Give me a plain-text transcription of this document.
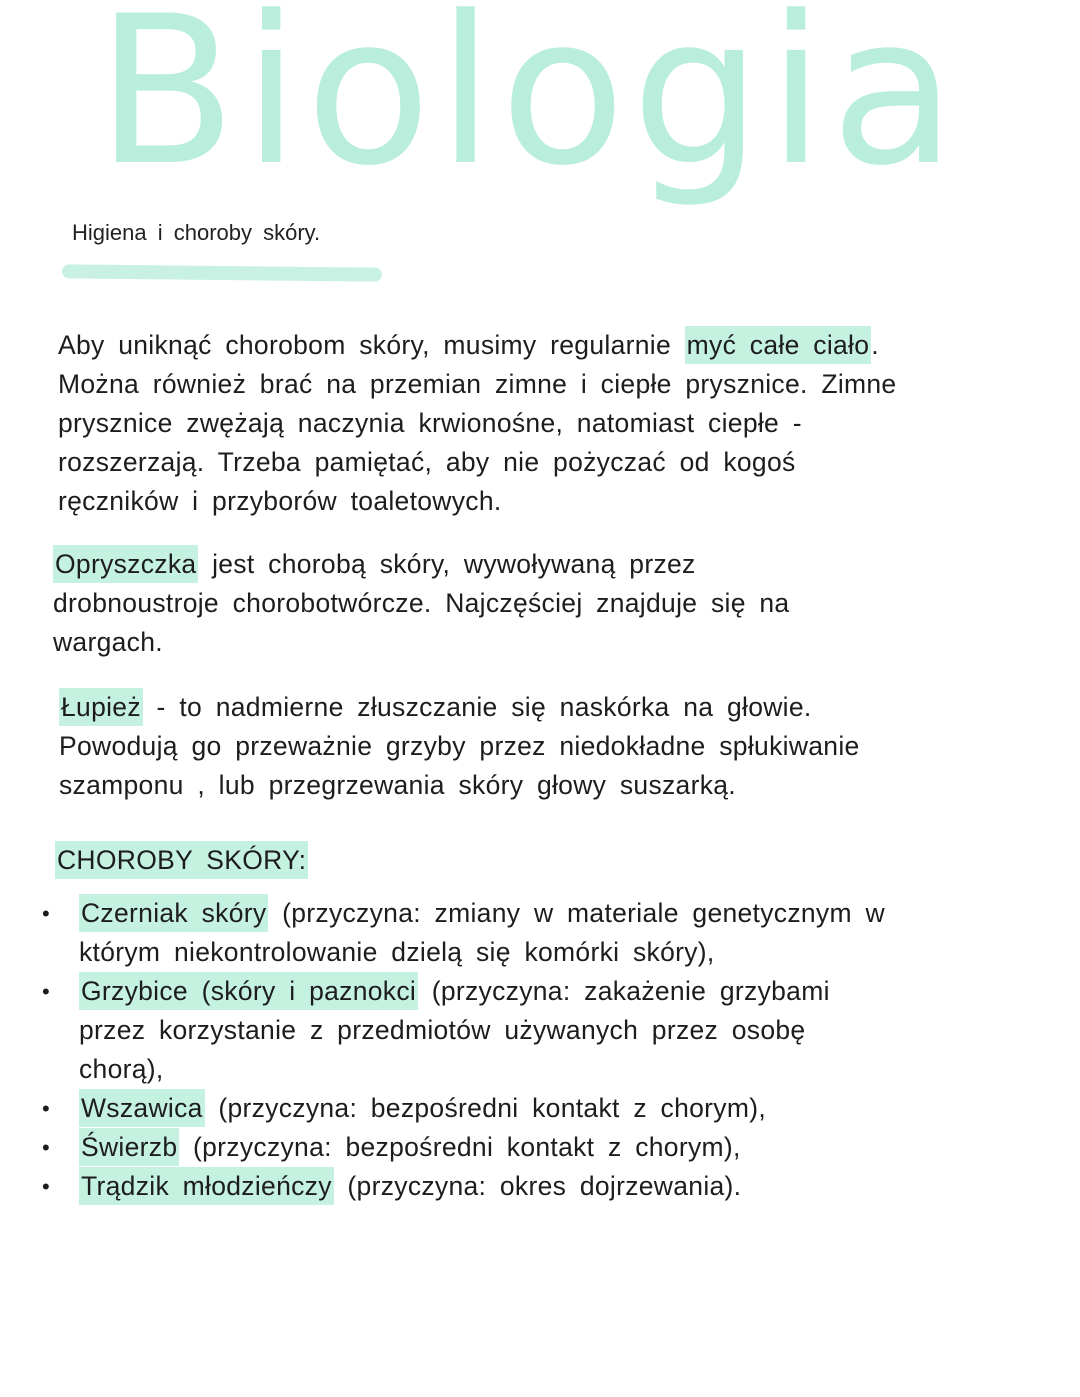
Biologia
Higiena i choroby skóry.
Aby uniknąć chorobom skóry, musimy regularnie myć całe ciało.
Można również brać na przemian zimne i ciepłe prysznice. Zimne
prysznice zwężają naczynia krwionośne, natomiast ciepłe -
rozszerzają. Trzeba pamiętać, aby nie pożyczać od kogoś
ręczników i przyborów toaletowych.
Opryszczka jest chorobą skóry, wywoływaną przez
drobnoustroje chorobotwórcze. Najczęściej znajduje się na
wargach.
Łupież - to nadmierne złuszczanie się naskórka na głowie.
Powodują go przeważnie grzyby przez niedokładne spłukiwanie
szamponu , lub przegrzewania skóry głowy suszarką.
CHOROBY SKÓRY:
• Czerniak skóry (przyczyna: zmiany w materiale genetycznym w
którym niekontrolowanie dzielą się komórki skóry),
• Grzybice (skóry i paznokci (przyczyna: zakażenie grzybami
przez korzystanie z przedmiotów używanych przez osobę
chorą),
• Wszawica (przyczyna: bezpośredni kontakt z chorym),
• Świerzb (przyczyna: bezpośredni kontakt z chorym),
• Trądzik młodzieńczy (przyczyna: okres dojrzewania).
